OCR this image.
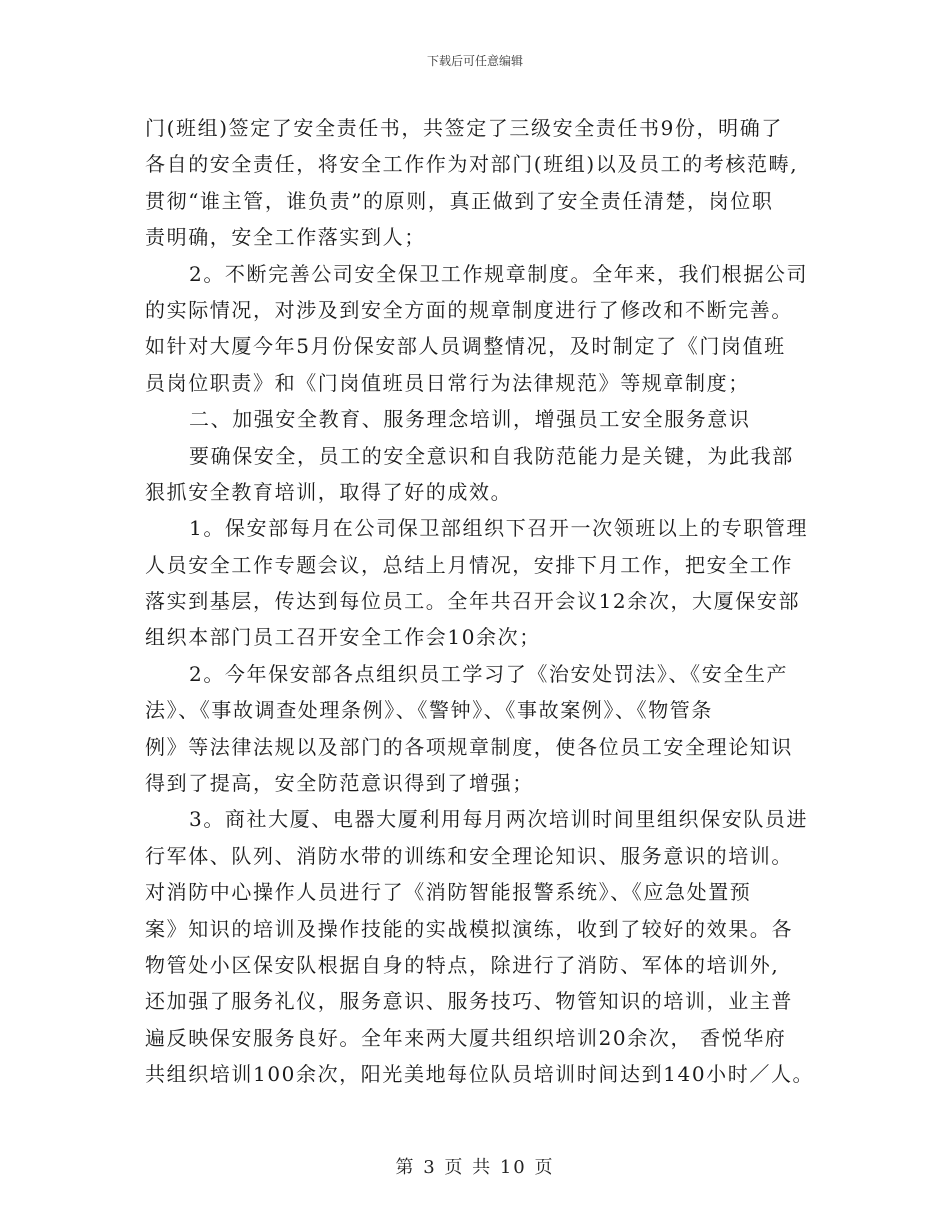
下载后可任意编辑
门(班组)签定了安全责任书，共签定了三级安全责任书9份，明确了
各自的安全责任，将安全工作作为对部门(班组)以及员工的考核范畴,
贯彻“谁主管，谁负责”的原则，真正做到了安全责任清楚，岗位职
责明确，安全工作落实到人；
2。不断完善公司安全保卫工作规章制度。全年来，我们根据公司
的实际情况，对涉及到安全方面的规章制度进行了修改和不断完善。
如针对大厦今年5月份保安部人员调整情况，及时制定了《门岗值班
员岗位职责》和《门岗值班员日常行为法律规范》等规章制度；
二、加强安全教育、服务理念培训，增强员工安全服务意识
要确保安全，员工的安全意识和自我防范能力是关键，为此我部
狠抓安全教育培训，取得了好的成效。
1。保安部每月在公司保卫部组织下召开一次领班以上的专职管理
人员安全工作专题会议，总结上月情况，安排下月工作，把安全工作
落实到基层，传达到每位员工。全年共召开会议12余次，大厦保安部
组织本部门员工召开安全工作会10余次；
2。今年保安部各点组织员工学习了《治安处罚法》、《安全生产
法》、《事故调查处理条例》、《警钟》、《事故案例》、《物管条
例》等法律法规以及部门的各项规章制度，使各位员工安全理论知识
得到了提高，安全防范意识得到了增强；
3。商社大厦、电器大厦利用每月两次培训时间里组织保安队员进
行军体、队列、消防水带的训练和安全理论知识、服务意识的培训。
对消防中心操作人员进行了《消防智能报警系统》、《应急处置预
案》知识的培训及操作技能的实战模拟演练，收到了较好的效果。各
物管处小区保安队根据自身的特点，除进行了消防、军体的培训外,
还加强了服务礼仪，服务意识、服务技巧、物管知识的培训，业主普
遍反映保安服务良好。全年来两大厦共组织培训20余次， 香悦华府
共组织培训100余次，阳光美地每位队员培训时间达到140小时／人。
第 3 页 共 10 页
